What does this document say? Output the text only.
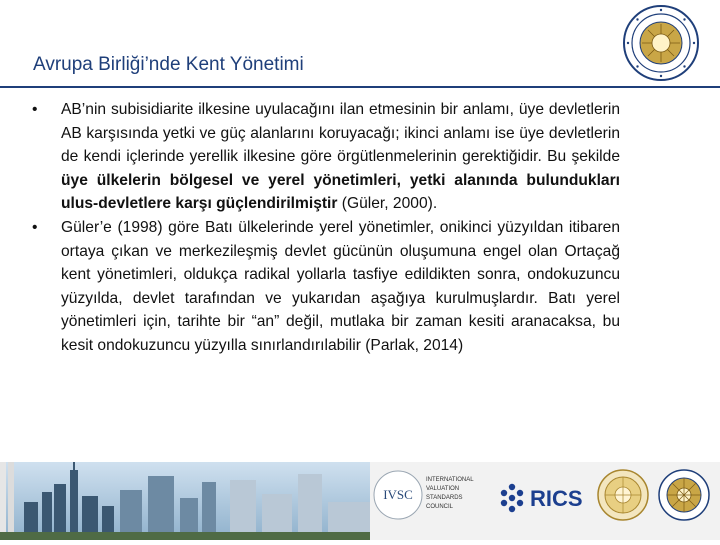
Avrupa Birliği’nde Kent Yönetimi
• AB’nin subisidiarite ilkesine uyulacağını ilan etmesinin bir anlamı, üye devletlerin AB karşısında yetki ve güç alanlarını koruyacağı; ikinci anlamı ise üye devletlerin de kendi içlerinde yerellik ilkesine göre örgütlenmelerinin gerektiğidir. Bu şekilde üye ülkelerin bölgesel ve yerel yönetimleri, yetki alanında bulundukları ulus-devletlere karşı güçlendirilmiştir (Güler, 2000).
• Güler’e (1998) göre Batı ülkelerinde yerel yönetimler, onikinci yüzyıldan itibaren ortaya çıkan ve merkezileşmiş devlet gücünün oluşumuna engel olan Ortaçağ kent yönetimleri, oldukça radikal yollarla tasfiye edildikten sonra, ondokuzuncu yüzyılda, devlet tarafından ve yukarıdan aşağıya kurulmuşlardır. Batı yerel yönetimleri için, tarihte bir “an” değil, mutlaka bir zaman kesiti aranacaksa, bu kesit ondokuzuncu yüzyılla sınırlandırılabilir (Parlak, 2014)
IVSC
INTERNATIONAL
VALUATION
STANDARDS
COUNCIL	RICS
